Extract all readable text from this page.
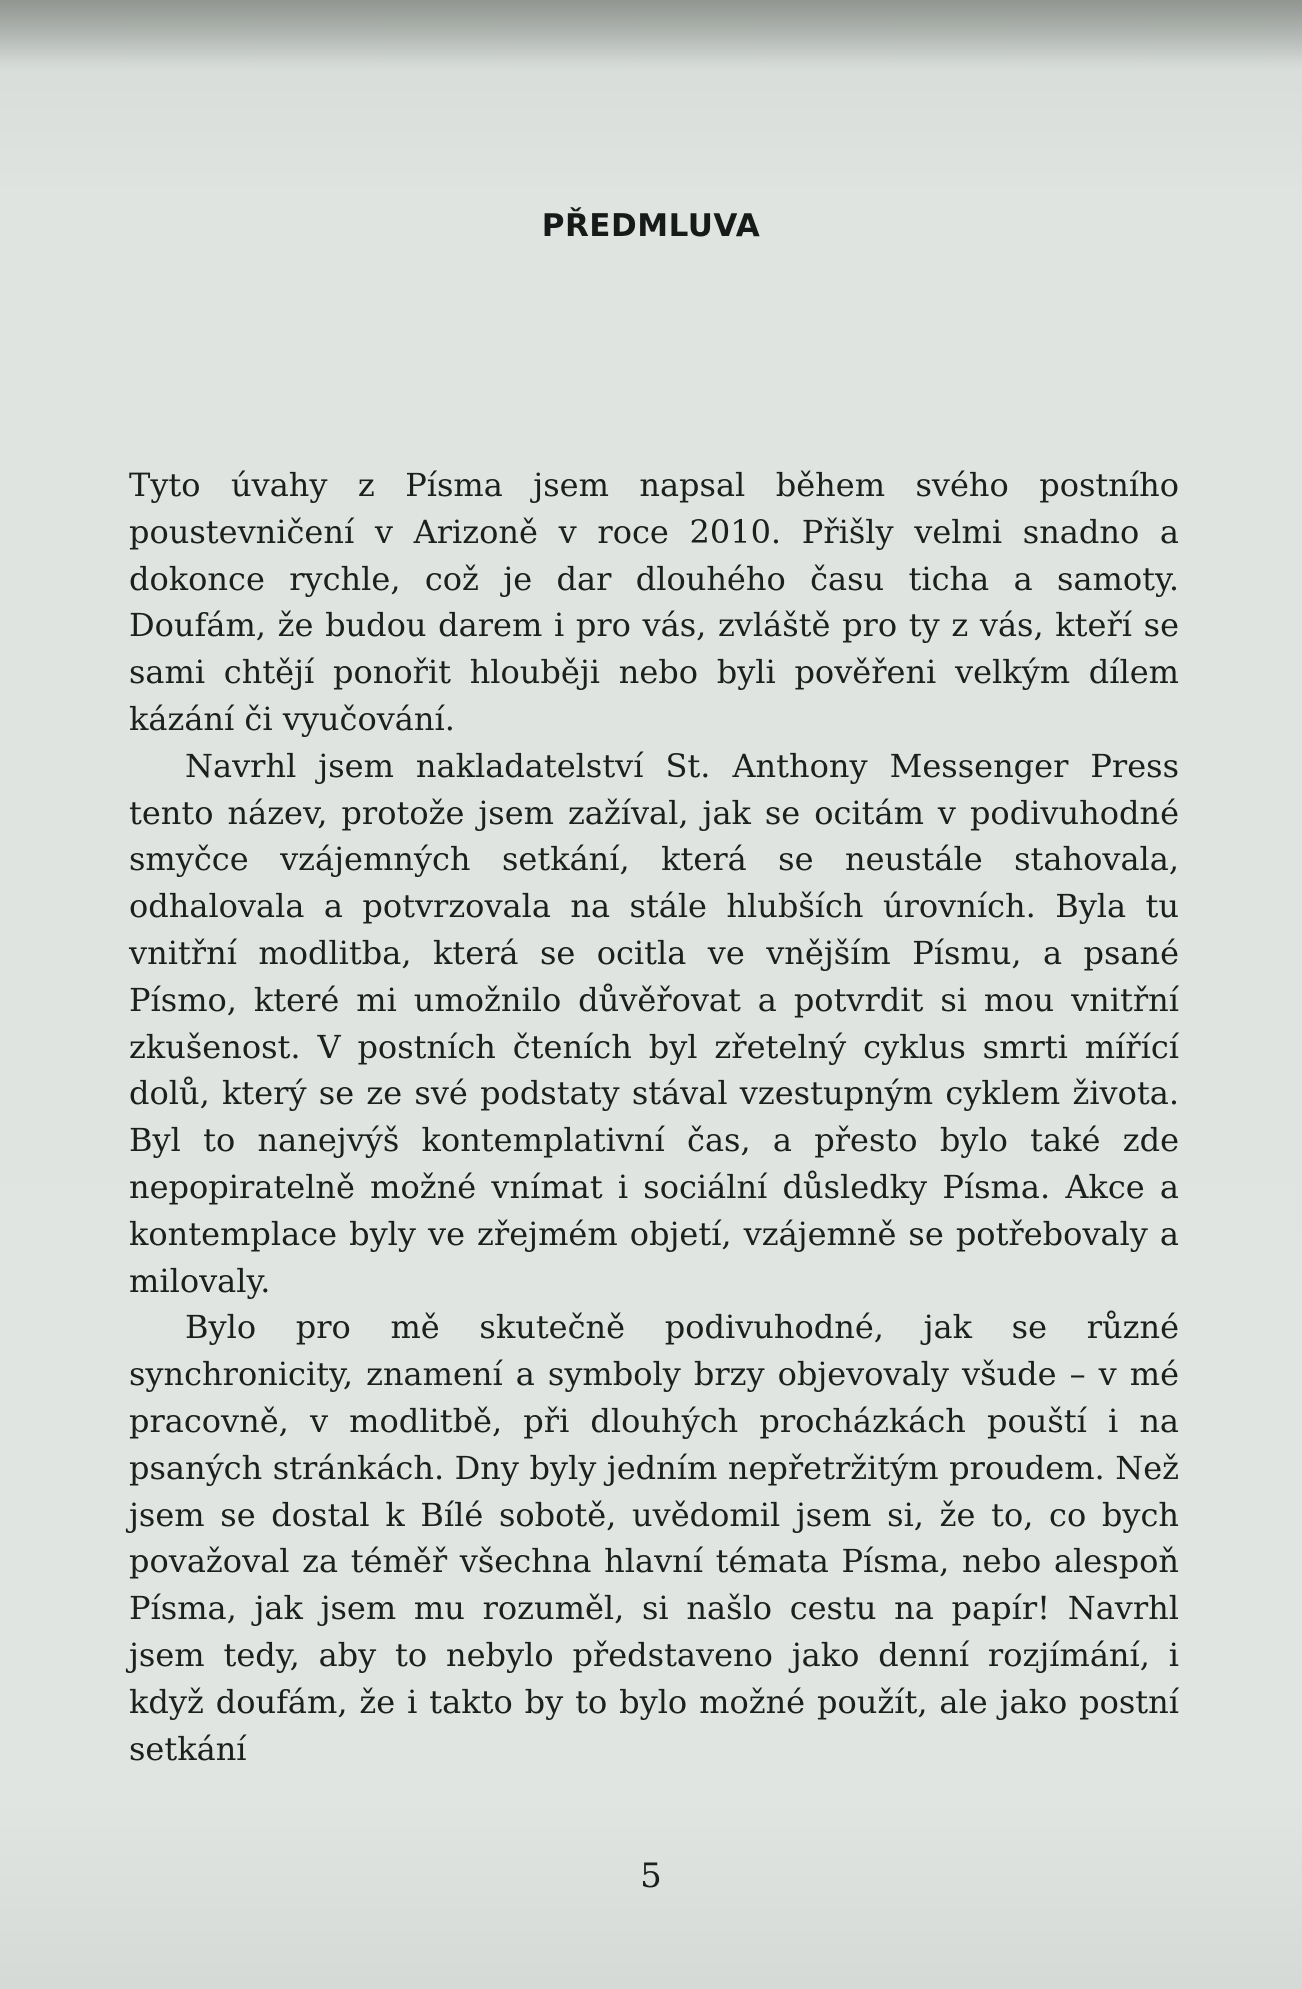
PŘEDMLUVA

Tyto úvahy z Písma jsem napsal během svého postního poustevničení v Arizoně v roce 2010. Přišly velmi snadno a dokonce rychle, což je dar dlouhého času ticha a samoty. Doufám, že budou darem i pro vás, zvláště pro ty z vás, kteří se sami chtějí ponořit hlouběji nebo byli pověřeni velkým dílem kázání či vyučování.

Navrhl jsem nakladatelství St. Anthony Messenger Press tento název, protože jsem zažíval, jak se ocitám v podivuhodné smyčce vzájemných setkání, která se neustále stahovala, odhalovala a potvrzovala na stále hlubších úrovních. Byla tu vnitřní modlitba, která se ocitla ve vnějším Písmu, a psané Písmo, které mi umožnilo důvěřovat a potvrdit si mou vnitřní zkušenost. V postních čteních byl zřetelný cyklus smrti mířící dolů, který se ze své podstaty stával vzestupným cyklem života. Byl to nanejvýš kontemplativní čas, a přesto bylo také zde nepopiratelně možné vnímat i sociální důsledky Písma. Akce a kontemplace byly ve zřejmém objetí, vzájemně se potřebovaly a milovaly.

Bylo pro mě skutečně podivuhodné, jak se různé synchronicity, znamení a symboly brzy objevovaly všude – v mé pracovně, v modlitbě, při dlouhých procházkách pouští i na psaných stránkách. Dny byly jedním nepřetržitým proudem. Než jsem se dostal k Bílé sobotě, uvědomil jsem si, že to, co bych považoval za téměř všechna hlavní témata Písma, nebo alespoň Písma, jak jsem mu rozuměl, si našlo cestu na papír! Navrhl jsem tedy, aby to nebylo představeno jako denní rozjímání, i když doufám, že i takto by to bylo možné použít, ale jako postní setkání

5
